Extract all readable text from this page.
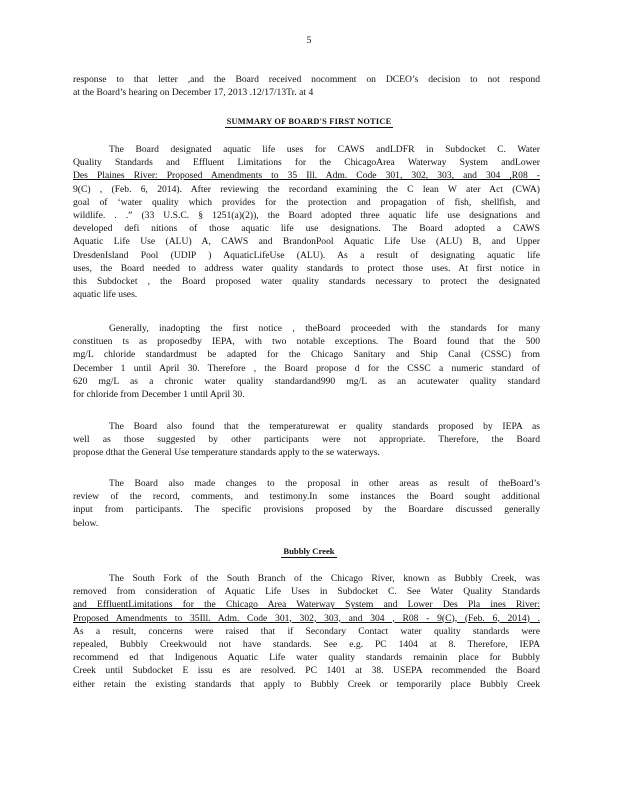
5
response to that letter ,and the Board received nocomment on DCEO’s decision to not respond
at the Board’s hearing on December 17, 2013 .12/17/13Tr. at 4
SUMMARY OF BOARD'S FIRST NOTICE
The Board designated aquatic life uses for CAWS andLDFR in Subdocket C. Water
Quality Standards and Effluent Limitations for the ChicagoArea Waterway System andLower
Des Plaines River: Proposed Amendments to 35 Ill. Adm. Code 301, 302, 303, and 304 ,R08 -
9(C) , (Feb. 6, 2014). After reviewing the recordand examining the C lean W ater Act (CWA)
goal of ‘water quality which provides for the protection and propagation of fish, shellfish, and
wildlife. . .” (33 U.S.C. § 1251(a)(2)), the Board adopted three aquatic life use designations and
developed defi nitions of those aquatic life use designations. The Board adopted a CAWS
Aquatic Life Use (ALU) A, CAWS and BrandonPool Aquatic Life Use (ALU) B, and Upper
DresdenIsland Pool (UDIP ) AquaticLifeUse (ALU). As a result of designating aquatic life
uses, the Board needed to address water quality standards to protect those uses. At first notice in
this Subdocket , the Board proposed water quality standards necessary to protect the designated
aquatic life uses.
Generally, inadopting the first notice , theBoard proceeded with the standards for many
constituen ts as proposedby IEPA, with two notable exceptions. The Board found that the 500
mg/L chloride standardmust be adapted for the Chicago Sanitary and Ship Canal (CSSC) from
December 1 until April 30. Therefore , the Board propose d for the CSSC a numeric standard of
620 mg/L as a chronic water quality standardand990 mg/L as an acutewater quality standard
for chloride from December 1 until April 30.
The Board also found that the temperaturewat er quality standards proposed by IEPA as
well as those suggested by other participants were not appropriate. Therefore, the Board
propose dthat the General Use temperature standards apply to the se waterways.
The Board also made changes to the proposal in other areas as result of theBoard’s
review of the record, comments, and testimony.In some instances the Board sought additional
input from participants. The specific provisions proposed by the Boardare discussed generally
below.
Bubbly Creek
The South Fork of the South Branch of the Chicago River, known as Bubbly Creek, was
removed from consideration of Aquatic Life Uses in Subdocket C. See Water Quality Standards
and EffluentLimitations for the Chicago Area Waterway System and Lower Des Pla ines River:
Proposed Amendments to 35Ill. Adm. Code 301, 302, 303, and 304 , R08 - 9(C), (Feb. 6, 2014) .
As a result, concerns were raised that if Secondary Contact water quality standards were
repealed, Bubbly Creekwould not have standards. See e.g. PC 1404 at 8. Therefore, IEPA
recommend ed that Indigenous Aquatic Life water quality standards remainin place for Bubbly
Creek until Subdocket E issu es are resolved. PC 1401 at 38. USEPA recommended the Board
either retain the existing standards that apply to Bubbly Creek or temporarily place Bubbly Creek
